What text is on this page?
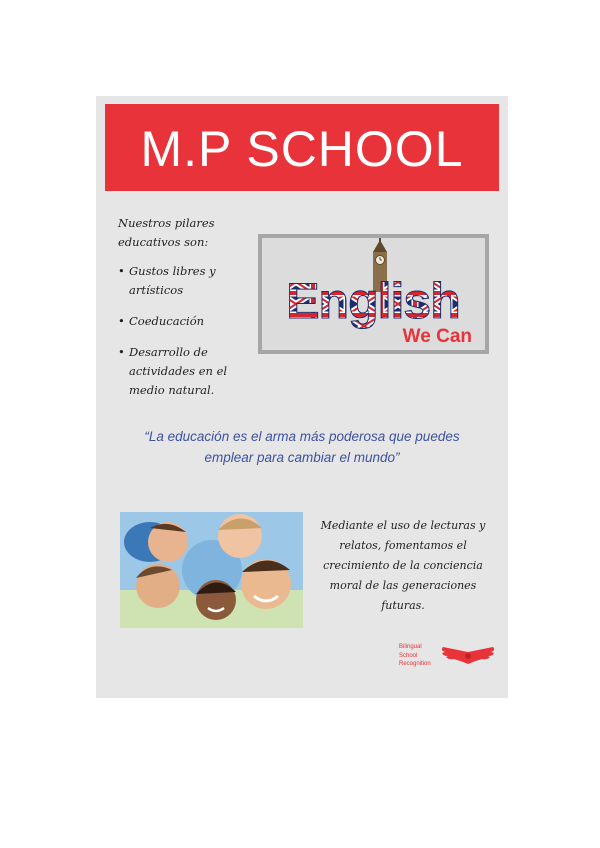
M.P SCHOOL

Nuestros pilares educativos son:

• Gustos libres y artísticos
• Coeducación
• Desarrollo de actividades en el medio natural.
English
We Can
“La educación es el arma más poderosa que puedes emplear para cambiar el mundo”
Mediante el uso de lecturas y relatos, fomentamos el crecimiento de la conciencia moral de las generaciones futuras.
Bilingual
School
Recognition
